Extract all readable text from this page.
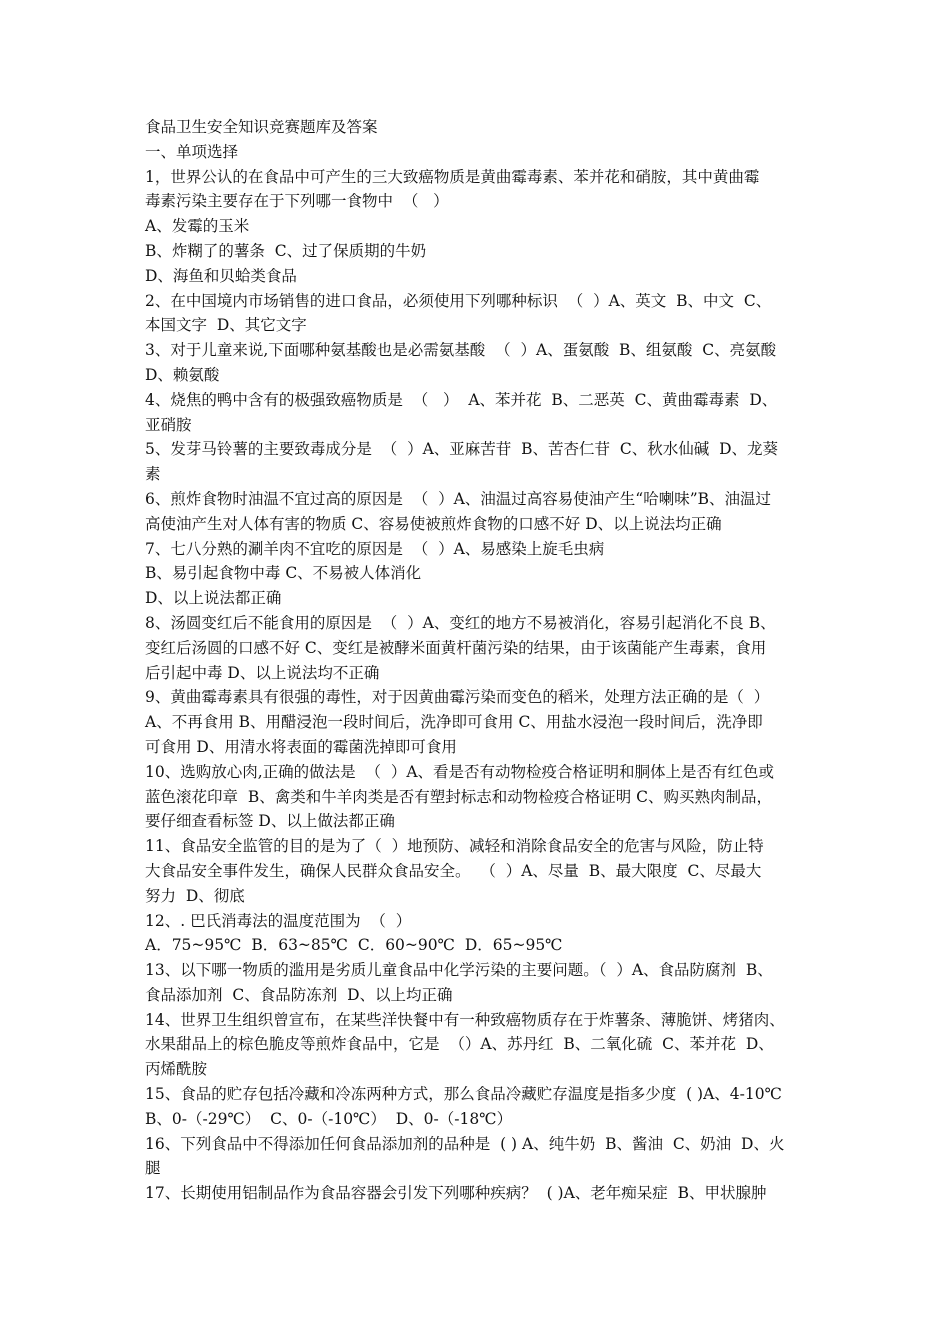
食品卫生安全知识竞赛题库及答案
一、单项选择
1，世界公认的在食品中可产生的三大致癌物质是黄曲霉毒素、苯并花和硝胺，其中黄曲霉
毒素污染主要存在于下列哪一食物中  （   ）
A、发霉的玉米
B、炸糊了的薯条  C、过了保质期的牛奶
D、海鱼和贝蛤类食品
2、在中国境内市场销售的进口食品，必须使用下列哪种标识  （  ）A、英文  B、中文  C、
本国文字  D、其它文字
3、对于儿童来说,下面哪种氨基酸也是必需氨基酸  （  ）A、蛋氨酸  B、组氨酸  C、亮氨酸
D、赖氨酸
4、烧焦的鸭中含有的极强致癌物质是  （   ）  A、苯并花  B、二恶英  C、黄曲霉毒素  D、
亚硝胺
5、发芽马铃薯的主要致毒成分是  （  ）A、亚麻苦苷  B、苦杏仁苷  C、秋水仙碱  D、龙葵
素
6、煎炸食物时油温不宜过高的原因是  （  ）A、油温过高容易使油产生“哈喇味”B、油温过
高使油产生对人体有害的物质 C、容易使被煎炸食物的口感不好 D、以上说法均正确
7、七八分熟的涮羊肉不宜吃的原因是  （  ）A、易感染上旋毛虫病
B、易引起食物中毒 C、不易被人体消化
D、以上说法都正确
8、汤圆变红后不能食用的原因是  （  ）A、变红的地方不易被消化，容易引起消化不良 B、
变红后汤圆的口感不好 C、变红是被酵米面黄杆菌污染的结果，由于该菌能产生毒素，食用
后引起中毒 D、以上说法均不正确
9、黄曲霉毒素具有很强的毒性，对于因黄曲霉污染而变色的稻米，处理方法正确的是（  ）
A、不再食用 B、用醋浸泡一段时间后，洗净即可食用 C、用盐水浸泡一段时间后，洗净即
可食用 D、用清水将表面的霉菌洗掉即可食用
10、选购放心肉,正确的做法是  （  ）A、看是否有动物检疫合格证明和胴体上是否有红色或
蓝色滚花印章  B、禽类和牛羊肉类是否有塑封标志和动物检疫合格证明 C、购买熟肉制品，
要仔细查看标签 D、以上做法都正确
11、食品安全监管的目的是为了（  ）地预防、减轻和消除食品安全的危害与风险，防止特
大食品安全事件发生，确保人民群众食品安全。  （  ）A、尽量  B、最大限度  C、尽最大
努力  D、彻底
12、. 巴氏消毒法的温度范围为  （  ）
A．75~95℃  B．63~85℃  C．60~90℃  D．65~95℃
13、以下哪一物质的滥用是劣质儿童食品中化学污染的主要问题。（  ）A、食品防腐剂  B、
食品添加剂  C、食品防冻剂  D、以上均正确
14、世界卫生组织曾宣布，在某些洋快餐中有一种致癌物质存在于炸薯条、薄脆饼、烤猪肉、
水果甜品上的棕色脆皮等煎炸食品中，它是  （）A、苏丹红  B、二氧化硫  C、苯并花  D、
丙烯酰胺
15、食品的贮存包括冷藏和冷冻两种方式，那么食品冷藏贮存温度是指多少度  ( )A、4-10℃
B、0-（-29℃）  C、0-（-10℃）  D、0-（-18℃）
16、下列食品中不得添加任何食品添加剂的品种是  ( ) A、纯牛奶  B、酱油  C、奶油  D、火
腿
17、长期使用铝制品作为食品容器会引发下列哪种疾病？  ( )A、老年痴呆症  B、甲状腺肿
